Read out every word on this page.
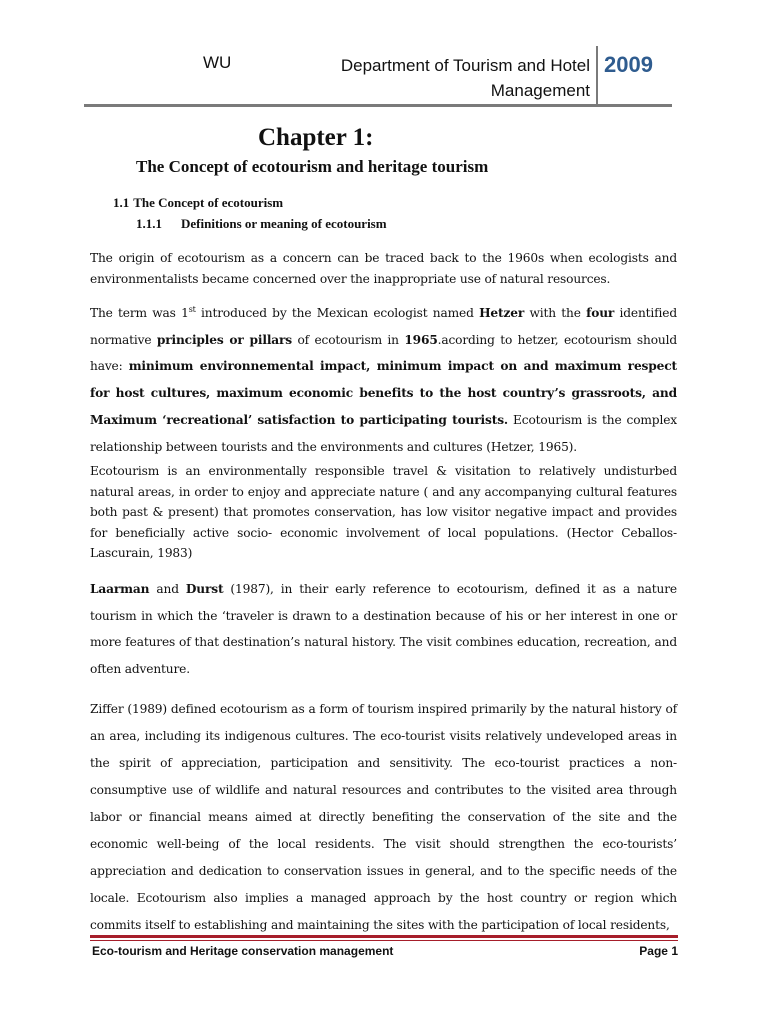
WU	Department of Tourism and Hotel
Management
2009
Chapter 1:
The Concept of ecotourism and heritage tourism
1.1 The Concept of ecotourism
1.1.1 Definitions or meaning of ecotourism
The origin of ecotourism as a concern can be traced back to the 1960s when ecologists and environmentalists became concerned over the inappropriate use of natural resources.
The term was 1st introduced by the Mexican ecologist named Hetzer with the four identified normative principles or pillars of ecotourism in 1965.acording to hetzer, ecotourism should have: minimum environnemental impact, minimum impact on and maximum respect for host cultures, maximum economic benefits to the host country’s grassroots, and Maximum ‘recreational’ satisfaction to participating tourists. Ecotourism is the complex relationship between tourists and the environments and cultures (Hetzer, 1965).
Ecotourism is an environmentally responsible travel & visitation to relatively undisturbed natural areas, in order to enjoy and appreciate nature ( and any accompanying cultural features both past & present) that promotes conservation, has low visitor negative impact and provides for beneficially active socio- economic involvement of local populations. (Hector Ceballos-Lascurain, 1983)
Laarman and Durst (1987), in their early reference to ecotourism, defined it as a nature tourism in which the ‘traveler is drawn to a destination because of his or her interest in one or more features of that destination’s natural history. The visit combines education, recreation, and often adventure.
Ziffer (1989) defined ecotourism as a form of tourism inspired primarily by the natural history of an area, including its indigenous cultures. The eco-tourist visits relatively undeveloped areas in the spirit of appreciation, participation and sensitivity. The eco-tourist practices a non-consumptive use of wildlife and natural resources and contributes to the visited area through labor or financial means aimed at directly benefiting the conservation of the site and the economic well-being of the local residents. The visit should strengthen the eco-tourists’ appreciation and dedication to conservation issues in general, and to the specific needs of the locale. Ecotourism also implies a managed approach by the host country or region which commits itself to establishing and maintaining the sites with the participation of local residents,
Eco-tourism and Heritage conservation management	Page 1
